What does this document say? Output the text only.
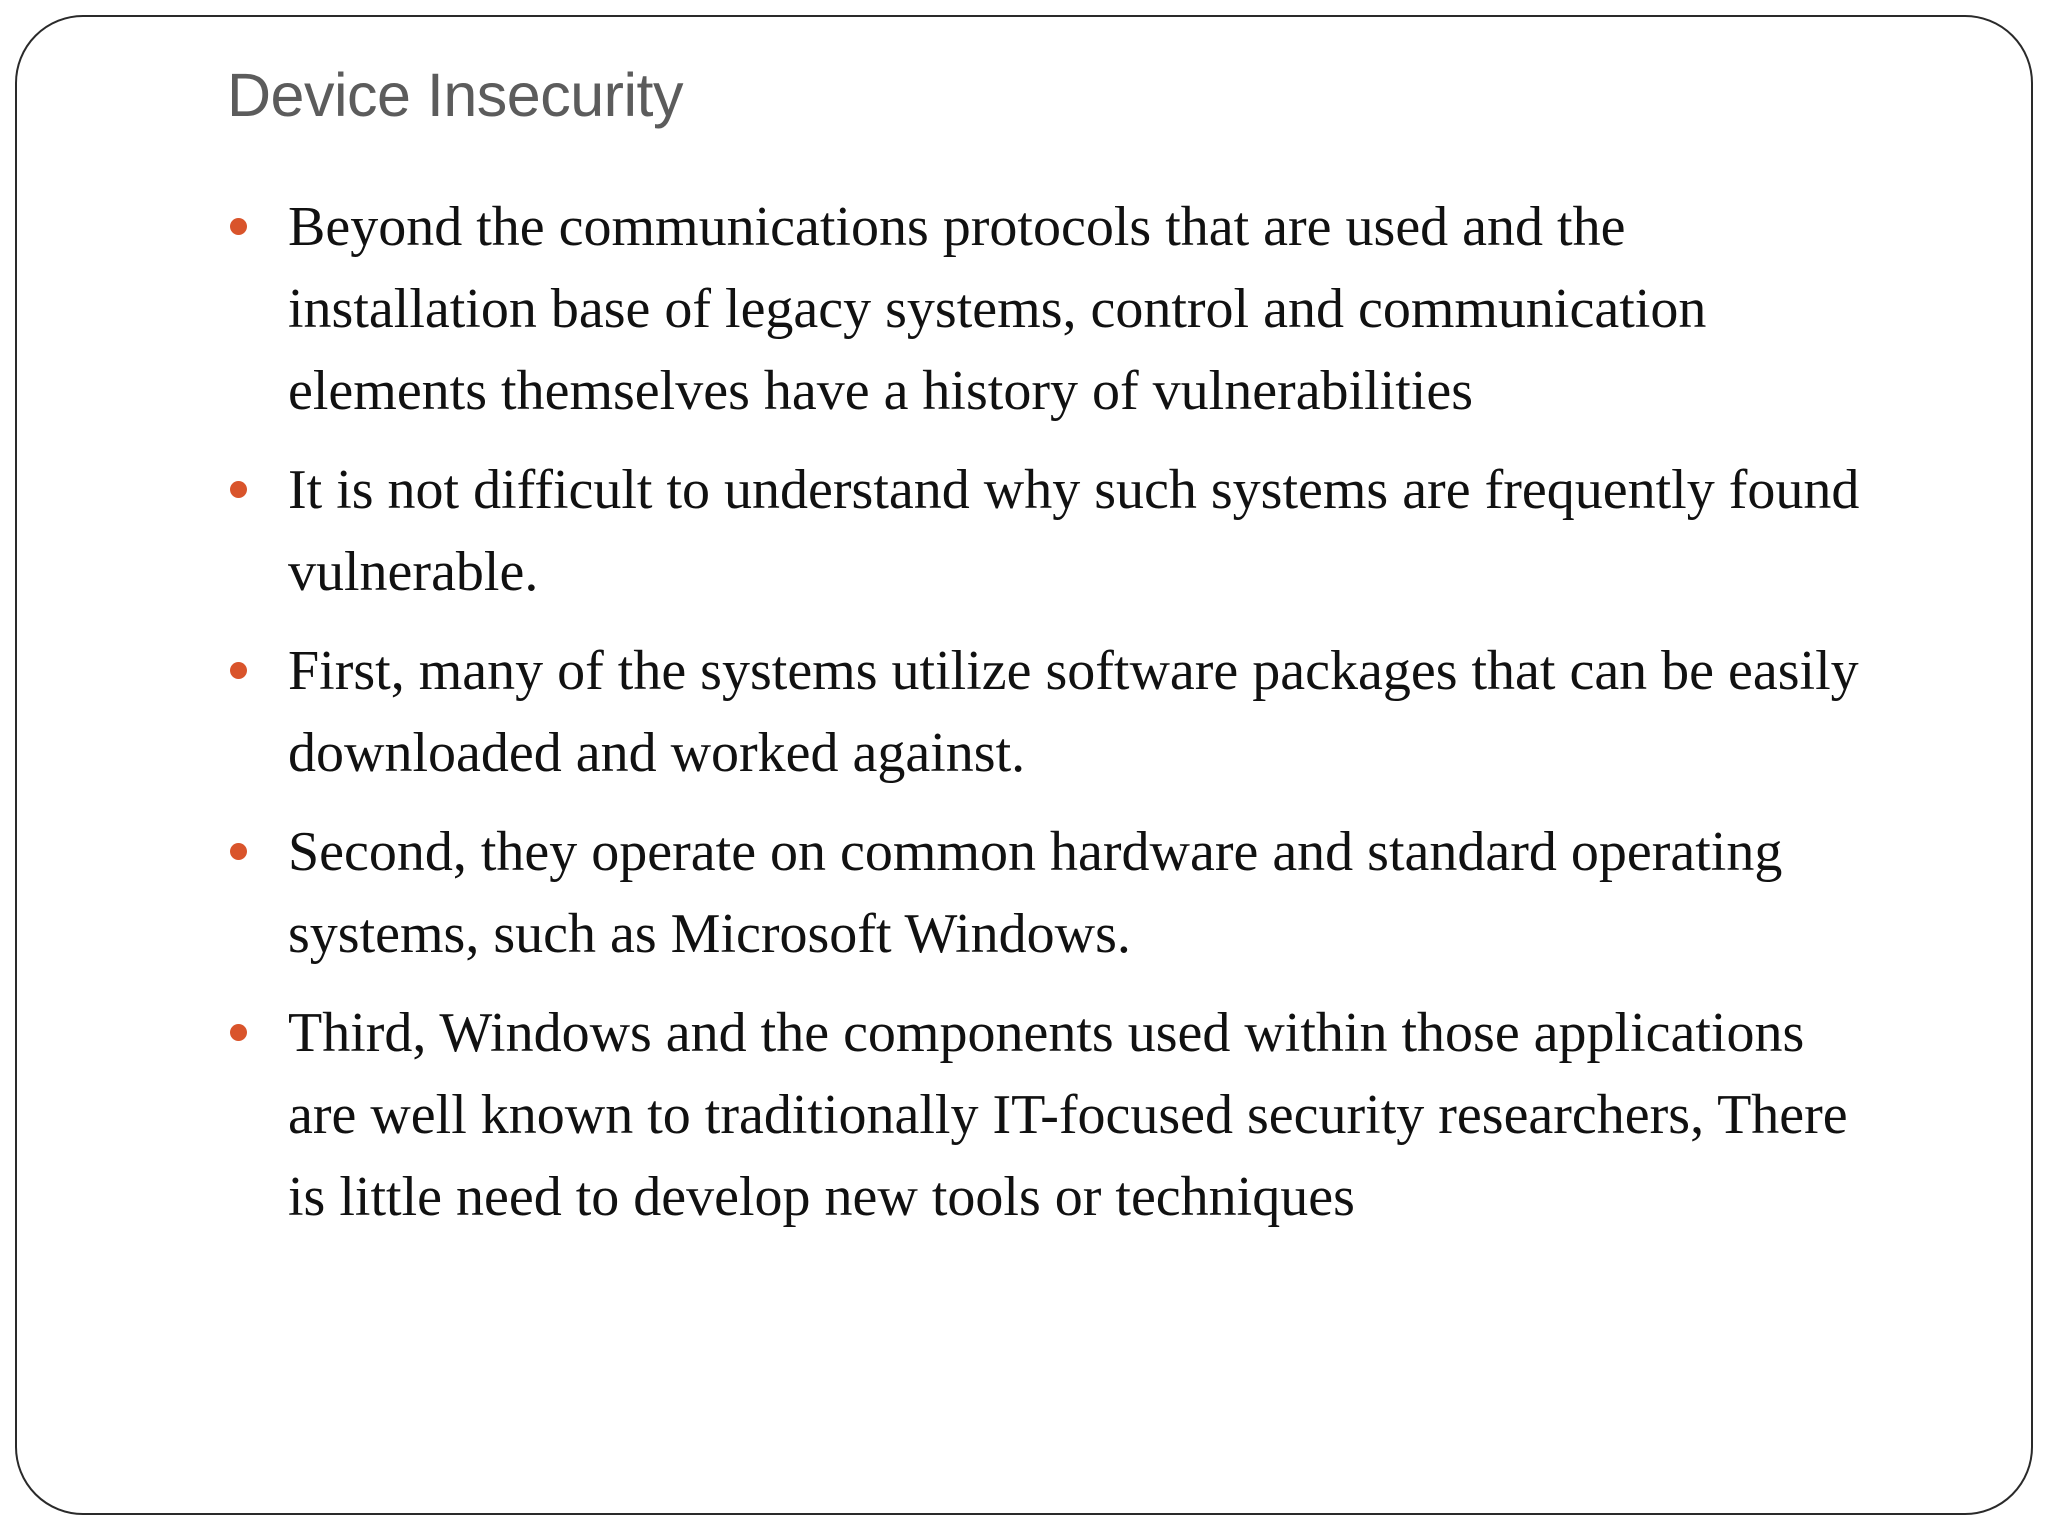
Device Insecurity
Beyond the communications protocols that are used and the installation base of legacy systems, control and communication elements themselves have a history of vulnerabilities
It is not difficult to understand why such systems are frequently found vulnerable.
First, many of the systems utilize software packages that can be easily downloaded and worked against.
Second, they operate on common hardware and standard operating systems, such as Microsoft Windows.
Third, Windows and the components used within those applications are well known to traditionally IT-focused security researchers, There is little need to develop new tools or techniques
